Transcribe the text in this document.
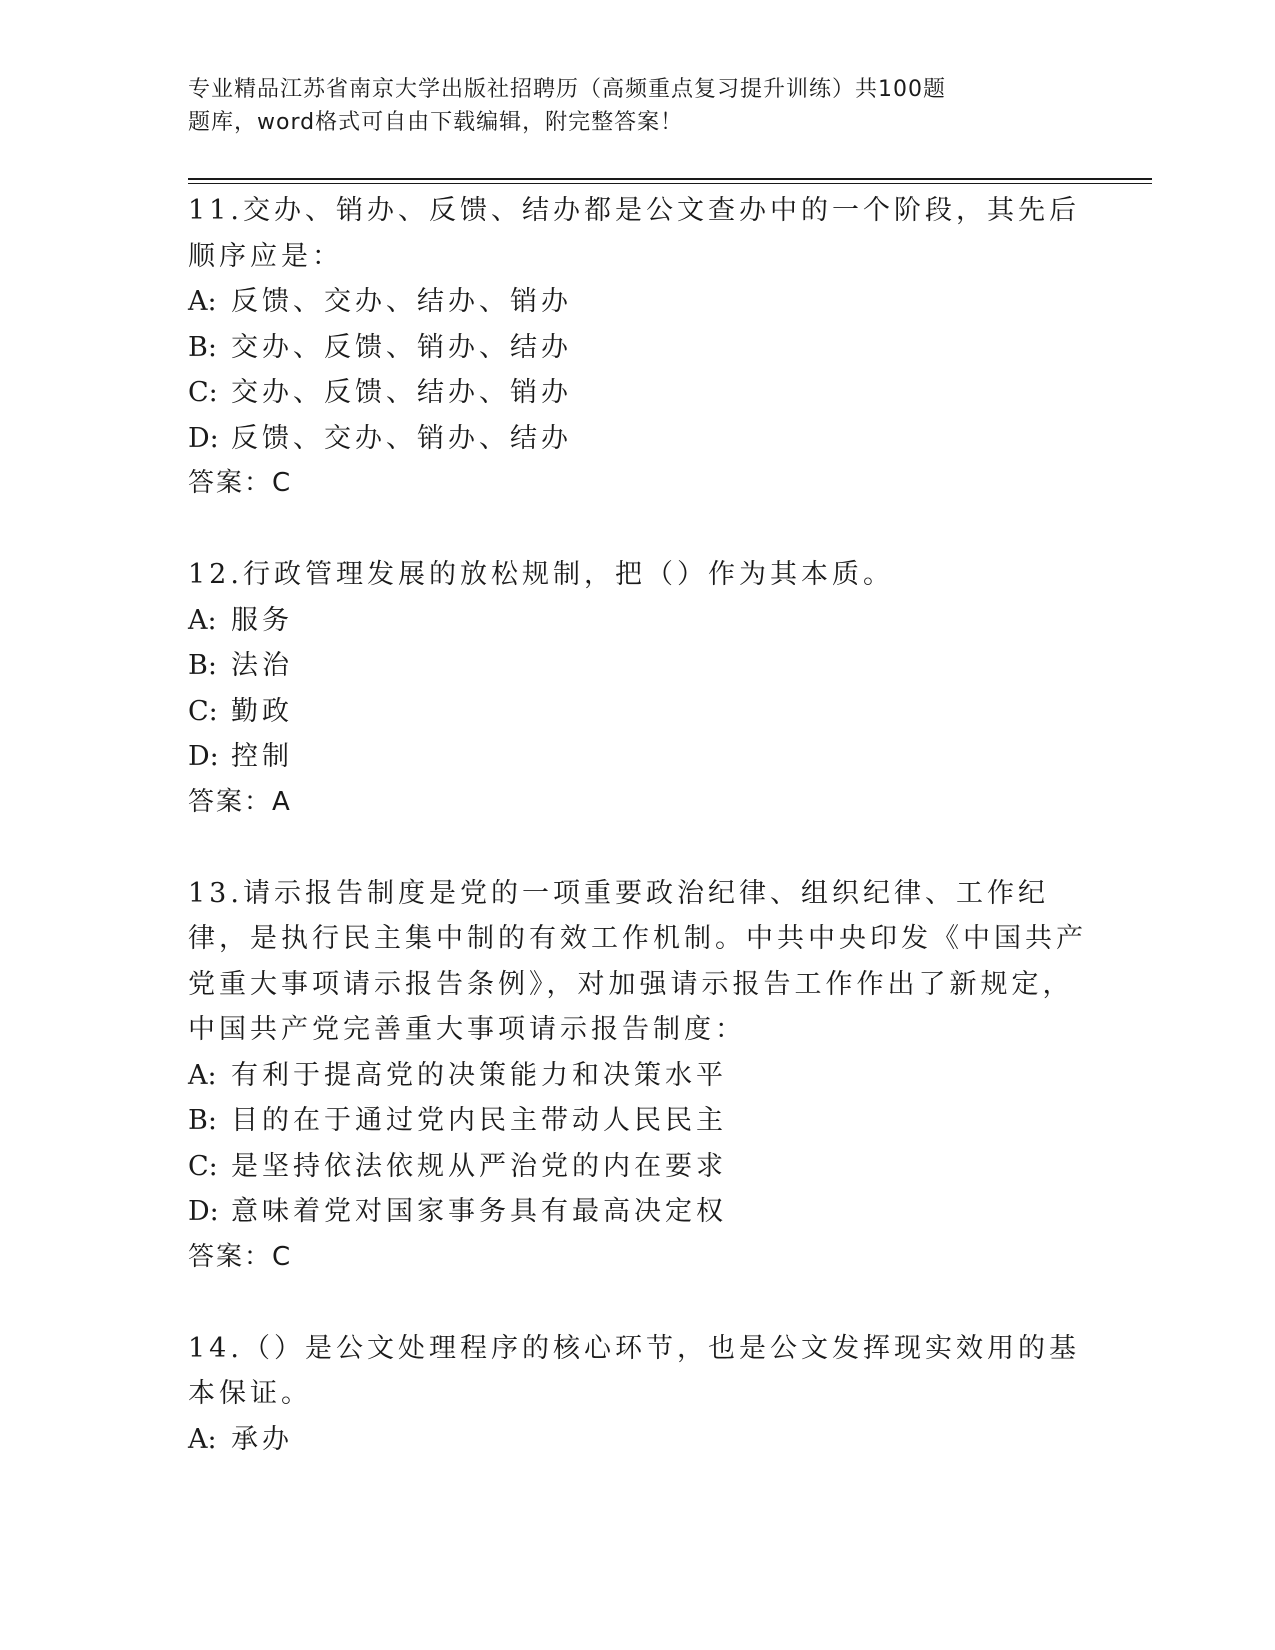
专业精品江苏省南京大学出版社招聘历（高频重点复习提升训练）共100题
题库，word格式可自由下载编辑，附完整答案！

11.交办、销办、反馈、结办都是公文查办中的一个阶段，其先后顺序应是：

A: 反馈、交办、结办、销办

B: 交办、反馈、销办、结办

C: 交办、反馈、结办、销办

D: 反馈、交办、销办、结办

答案：C

12.行政管理发展的放松规制，把（）作为其本质。

A: 服务

B: 法治

C: 勤政

D: 控制

答案：A

13.请示报告制度是党的一项重要政治纪律、组织纪律、工作纪律，是执行民主集中制的有效工作机制。中共中央印发《中国共产党重大事项请示报告条例》，对加强请示报告工作作出了新规定，中国共产党完善重大事项请示报告制度：

A: 有利于提高党的决策能力和决策水平

B: 目的在于通过党内民主带动人民民主

C: 是坚持依法依规从严治党的内在要求

D: 意味着党对国家事务具有最高决定权

答案：C

14.（）是公文处理程序的核心环节，也是公文发挥现实效用的基本保证。

A: 承办
